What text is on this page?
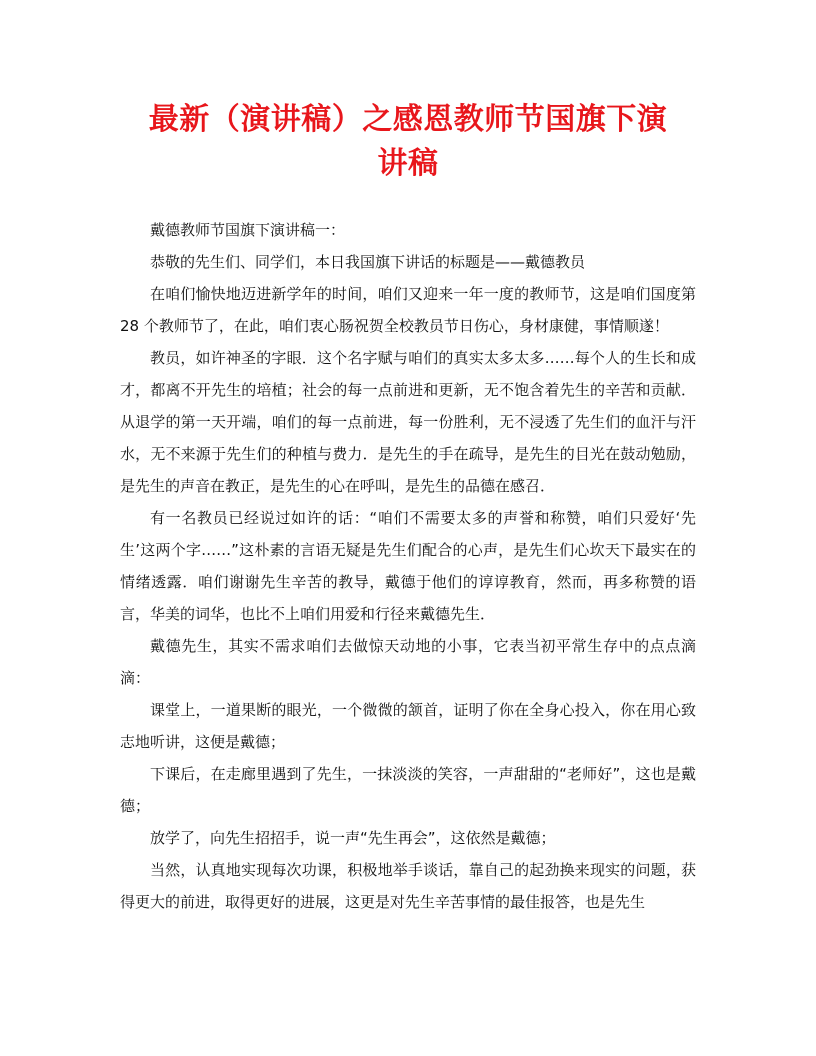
最新（演讲稿）之感恩教师节国旗下演
讲稿

戴德教师节国旗下演讲稿一：

恭敬的先生们、同学们，本日我国旗下讲话的标题是——戴德教员

在咱们愉快地迈进新学年的时间，咱们又迎来一年一度的教师节，这是咱们国度第 28 个教师节了，在此，咱们衷心肠祝贺全校教员节日伤心，身材康健，事情顺遂！

教员，如许神圣的字眼．这个名字赋与咱们的真实太多太多……每个人的生长和成才，都离不开先生的培植；社会的每一点前进和更新，无不饱含着先生的辛苦和贡献．从退学的第一天开端，咱们的每一点前进，每一份胜利，无不浸透了先生们的血汗与汗水，无不来源于先生们的种植与费力．是先生的手在疏导，是先生的目光在鼓动勉励，是先生的声音在教正，是先生的心在呼叫，是先生的品德在感召．

有一名教员已经说过如许的话：“咱们不需要太多的声誉和称赞，咱们只爱好‘先生’这两个字……”这朴素的言语无疑是先生们配合的心声，是先生们心坎天下最实在的情绪透露．咱们谢谢先生辛苦的教导，戴德于他们的谆谆教育，然而，再多称赞的语言，华美的词华，也比不上咱们用爱和行径来戴德先生．

戴德先生，其实不需求咱们去做惊天动地的小事，它表当初平常生存中的点点滴滴：

课堂上，一道果断的眼光，一个微微的颔首，证明了你在全身心投入，你在用心致志地听讲，这便是戴德；

下课后，在走廊里遇到了先生，一抹淡淡的笑容，一声甜甜的“老师好”，这也是戴德；

放学了，向先生招招手，说一声“先生再会”，这依然是戴德；

当然，认真地实现每次功课，积极地举手谈话，靠自己的起劲换来现实的问题，获得更大的前进，取得更好的进展，这更是对先生辛苦事情的最佳报答，也是先生
